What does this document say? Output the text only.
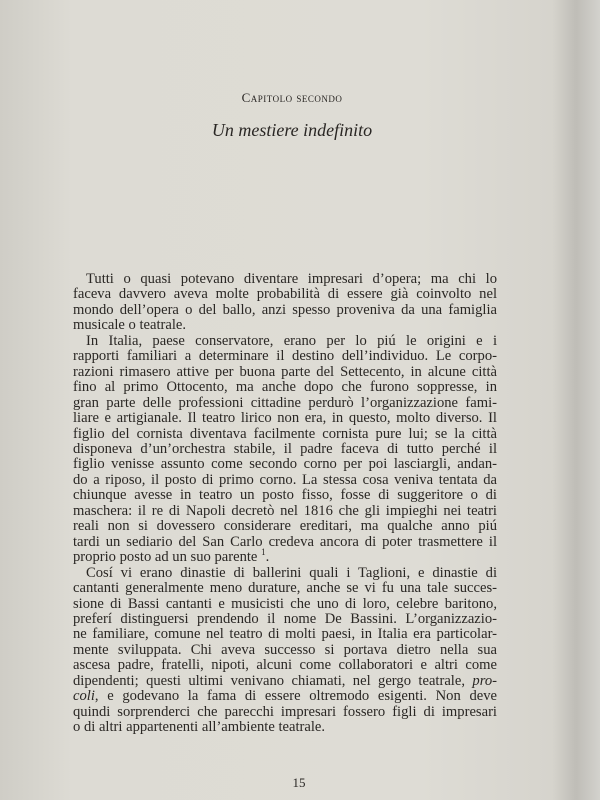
Capitolo secondo
Un mestiere indefinito
Tutti o quasi potevano diventare impresari d’opera; ma chi lo
faceva davvero aveva molte probabilità di essere già coinvolto nel
mondo dell’opera o del ballo, anzi spesso proveniva da una famiglia
musicale o teatrale.
In Italia, paese conservatore, erano per lo piú le origini e i
rapporti familiari a determinare il destino dell’individuo. Le corpo-
razioni rimasero attive per buona parte del Settecento, in alcune città
fino al primo Ottocento, ma anche dopo che furono soppresse, in
gran parte delle professioni cittadine perdurò l’organizzazione fami-
liare e artigianale. Il teatro lirico non era, in questo, molto diverso. Il
figlio del cornista diventava facilmente cornista pure lui; se la città
disponeva d’un’orchestra stabile, il padre faceva di tutto perché il
figlio venisse assunto come secondo corno per poi lasciargli, andan-
do a riposo, il posto di primo corno. La stessa cosa veniva tentata da
chiunque avesse in teatro un posto fisso, fosse di suggeritore o di
maschera: il re di Napoli decretò nel 1816 che gli impieghi nei teatri
reali non si dovessero considerare ereditari, ma qualche anno piú
tardi un sediario del San Carlo credeva ancora di poter trasmettere il
proprio posto ad un suo parente $^1$.
Cosí vi erano dinastie di ballerini quali i Taglioni, e dinastie di
cantanti generalmente meno durature, anche se vi fu una tale succes-
sione di Bassi cantanti e musicisti che uno di loro, celebre baritono,
preferí distinguersi prendendo il nome De Bassini. L’organizzazio-
ne familiare, comune nel teatro di molti paesi, in Italia era particolar-
mente sviluppata. Chi aveva successo si portava dietro nella sua
ascesa padre, fratelli, nipoti, alcuni come collaboratori e altri come
dipendenti; questi ultimi venivano chiamati, nel gergo teatrale, pro-
coli, e godevano la fama di essere oltremodo esigenti. Non deve
quindi sorprenderci che parecchi impresari fossero figli di impresari
o di altri appartenenti all’ambiente teatrale.
15
